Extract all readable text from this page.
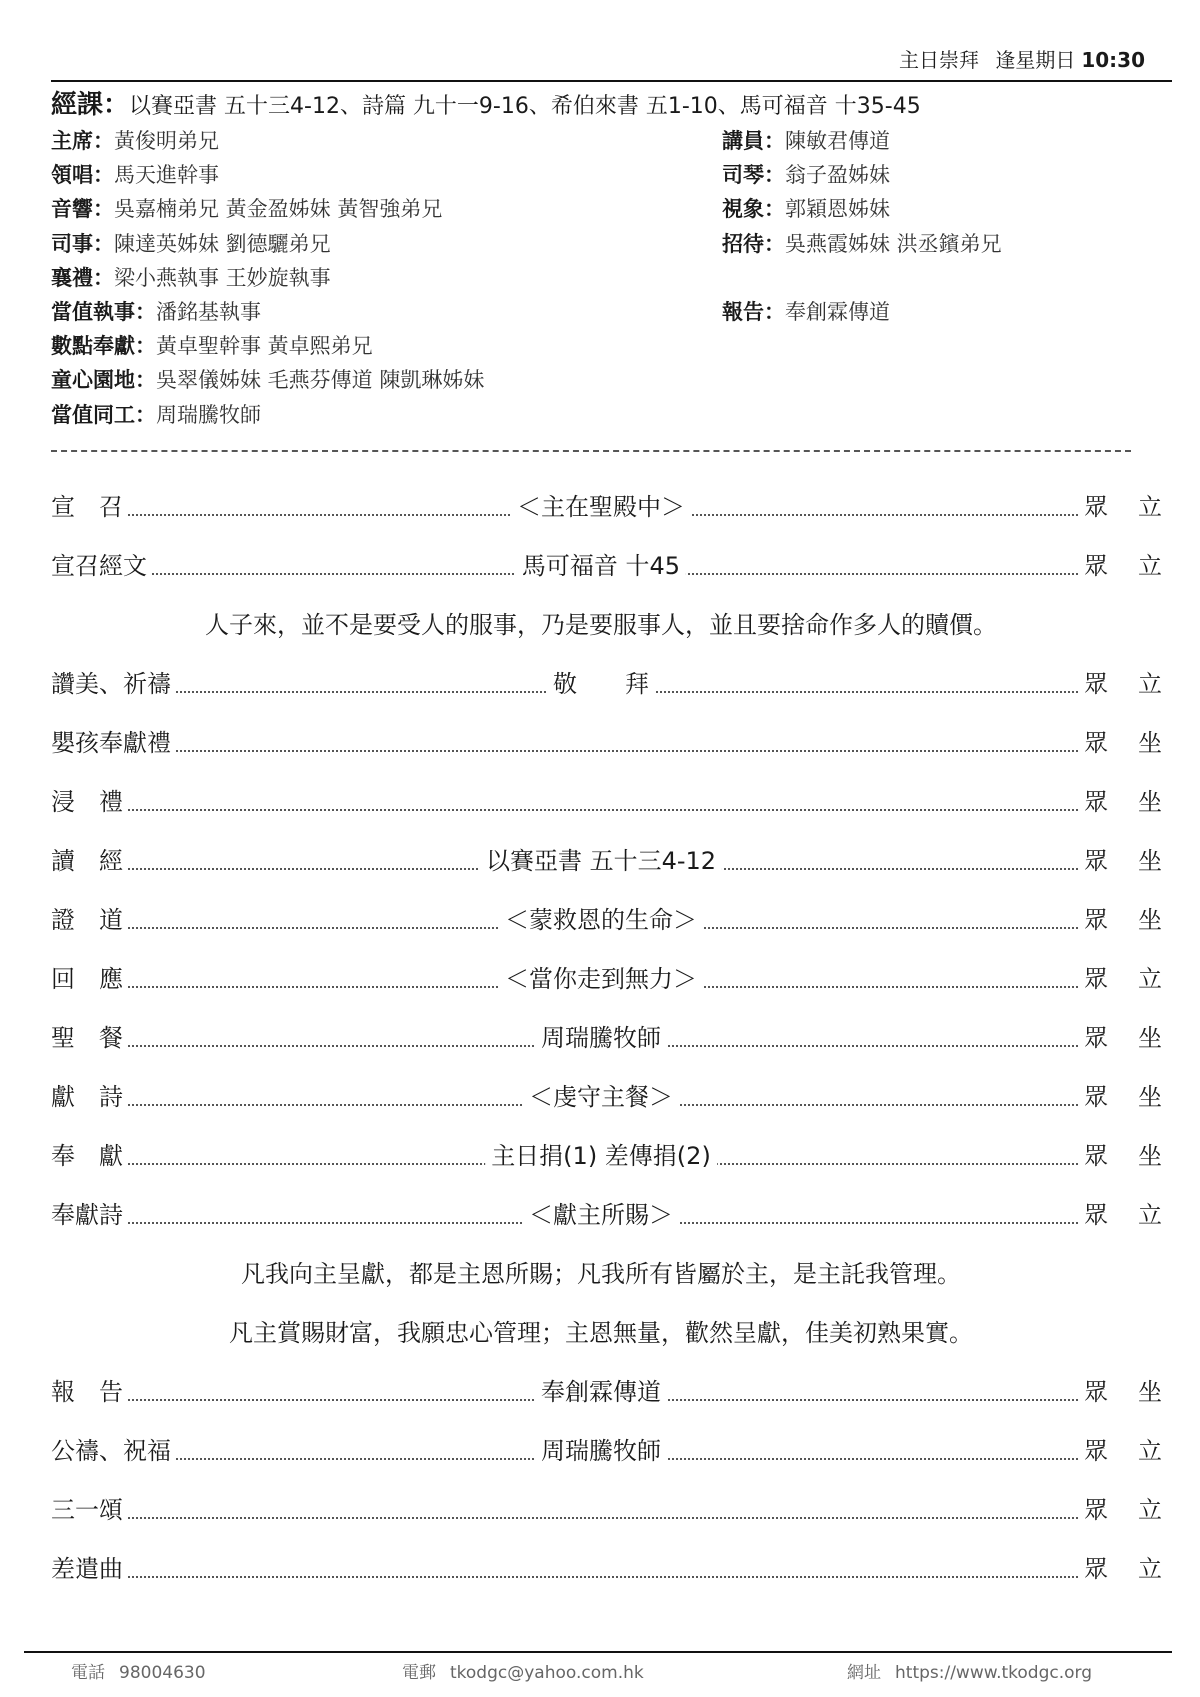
主日崇拜 逢星期日 10:30
經課：以賽亞書 五十三4-12、詩篇 九十一9-16、希伯來書 五1-10、馬可福音 十35-45
主席：黃俊明弟兄	講員：陳敏君傳道
領唱：馬天進幹事	司琴：翁子盈姊妹
音響：吳嘉楠弟兄 黃金盈姊妹 黃智強弟兄	視象：郭穎恩姊妹
司事：陳達英姊妹 劉德驪弟兄	招待：吳燕霞姊妹 洪丞鑌弟兄
襄禮：梁小燕執事 王妙旋執事
當值執事：潘銘基執事	報告：奉創霖傳道
數點奉獻：黃卓聖幹事 黃卓熙弟兄
童心園地：吳翠儀姊妹 毛燕芬傳道 陳凱琳姊妹
當值同工：周瑞騰牧師
宣　召	＜主在聖殿中＞	眾 立
宣召經文	馬可福音 十45	眾 立
人子來，並不是要受人的服事，乃是要服事人，並且要捨命作多人的贖價。
讚美、祈禱	敬　　拜	眾 立
嬰孩奉獻禮	眾 坐
浸　禮	眾 坐
讀　經	以賽亞書 五十三4-12	眾 坐
證　道	＜蒙救恩的生命＞	眾 坐
回　應	＜當你走到無力＞	眾 立
聖　餐	周瑞騰牧師	眾 坐
獻　詩	＜虔守主餐＞	眾 坐
奉　獻	主日捐(1) 差傳捐(2)	眾 坐
奉獻詩	＜獻主所賜＞	眾 立
凡我向主呈獻，都是主恩所賜；凡我所有皆屬於主，是主託我管理。
凡主賞賜財富，我願忠心管理；主恩無量，歡然呈獻，佳美初熟果實。
報　告	奉創霖傳道	眾 坐
公禱、祝福	周瑞騰牧師	眾 立
三一頌	眾 立
差遣曲	眾 立
電話 98004630	電郵 tkodgc@yahoo.com.hk	網址 https://www.tkodgc.org
